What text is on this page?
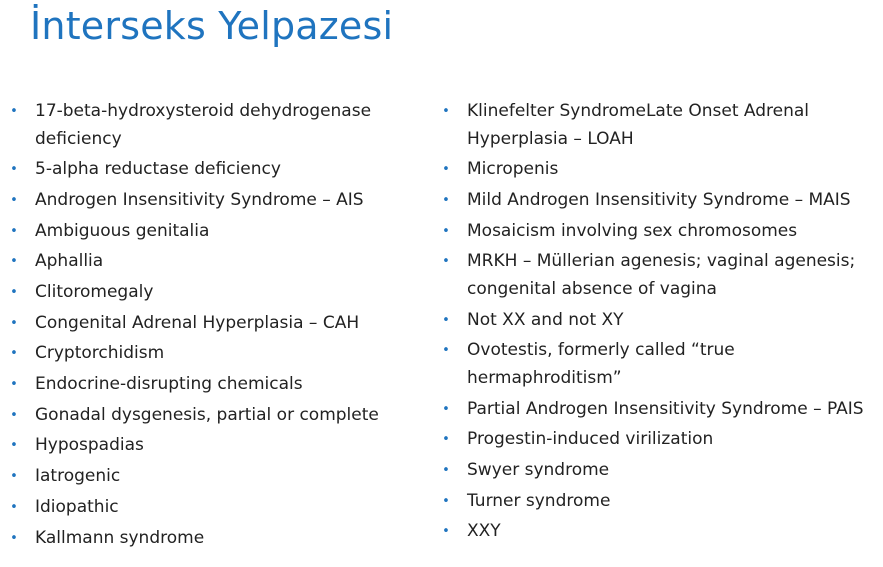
İnterseks Yelpazesi
• 17-beta-hydroxysteroid dehydrogenase deficiency
• 5-alpha reductase deficiency
• Androgen Insensitivity Syndrome – AIS
• Ambiguous genitalia
• Aphallia
• Clitoromegaly
• Congenital Adrenal Hyperplasia – CAH
• Cryptorchidism
• Endocrine-disrupting chemicals
• Gonadal dysgenesis, partial or complete
• Hypospadias
• Iatrogenic
• Idiopathic
• Kallmann syndrome
• Klinefelter SyndromeLate Onset Adrenal Hyperplasia – LOAH
• Micropenis
• Mild Androgen Insensitivity Syndrome – MAIS
• Mosaicism involving sex chromosomes
• MRKH – Müllerian agenesis; vaginal agenesis; congenital absence of vagina
• Not XX and not XY
• Ovotestis, formerly called “true hermaphroditism”
• Partial Androgen Insensitivity Syndrome – PAIS
• Progestin-induced virilization
• Swyer syndrome
• Turner syndrome
• XXY
